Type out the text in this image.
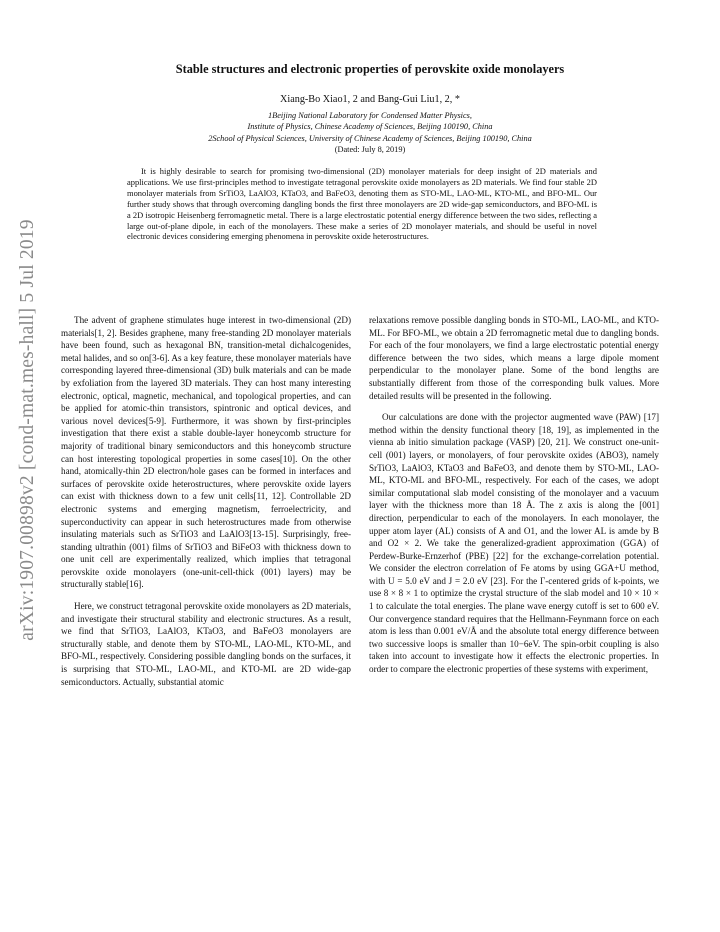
arXiv:1907.00898v2 [cond-mat.mes-hall] 5 Jul 2019
Stable structures and electronic properties of perovskite oxide monolayers
Xiang-Bo Xiao1, 2 and Bang-Gui Liu1, 2, *
1Beijing National Laboratory for Condensed Matter Physics,
Institute of Physics, Chinese Academy of Sciences, Beijing 100190, China
2School of Physical Sciences, University of Chinese Academy of Sciences, Beijing 100190, China
(Dated: July 8, 2019)
It is highly desirable to search for promising two-dimensional (2D) monolayer materials for deep insight of 2D materials and applications. We use first-principles method to investigate tetragonal perovskite oxide monolayers as 2D materials. We find four stable 2D monolayer materials from SrTiO3, LaAlO3, KTaO3, and BaFeO3, denoting them as STO-ML, LAO-ML, KTO-ML, and BFO-ML. Our further study shows that through overcoming dangling bonds the first three monolayers are 2D wide-gap semiconductors, and BFO-ML is a 2D isotropic Heisenberg ferromagnetic metal. There is a large electrostatic potential energy difference between the two sides, reflecting a large out-of-plane dipole, in each of the monolayers. These make a series of 2D monolayer materials, and should be useful in novel electronic devices considering emerging phenomena in perovskite oxide heterostructures.

The advent of graphene stimulates huge interest in two-dimensional (2D) materials[1, 2]. Besides graphene, many free-standing 2D monolayer materials have been found, such as hexagonal BN, transition-metal dichalcogenides, metal halides, and so on[3-6]. As a key feature, these monolayer materials have corresponding layered three-dimensional (3D) bulk materials and can be made by exfoliation from the layered 3D materials. They can host many interesting electronic, optical, magnetic, mechanical, and topological properties, and can be applied for atomic-thin transistors, spintronic and optical devices, and various novel devices[5-9]. Furthermore, it was shown by first-principles investigation that there exist a stable double-layer honeycomb structure for majority of traditional binary semiconductors and this honeycomb structure can host interesting topological properties in some cases[10]. On the other hand, atomically-thin 2D electron/hole gases can be formed in interfaces and surfaces of perovskite oxide heterostructures, where perovskite oxide layers can exist with thickness down to a few unit cells[11, 12]. Controllable 2D electronic systems and emerging magnetism, ferroelectricity, and superconductivity can appear in such heterostructures made from otherwise insulating materials such as SrTiO3 and LaAlO3[13-15]. Surprisingly, free-standing ultrathin (001) films of SrTiO3 and BiFeO3 with thickness down to one unit cell are experimentally realized, which implies that tetragonal perovskite oxide monolayers (one-unit-cell-thick (001) layers) may be structurally stable[16].

Here, we construct tetragonal perovskite oxide monolayers as 2D materials, and investigate their structural stability and electronic structures. As a result, we find that SrTiO3, LaAlO3, KTaO3, and BaFeO3 monolayers are structurally stable, and denote them by STO-ML, LAO-ML, KTO-ML, and BFO-ML, respectively. Considering possible dangling bonds on the surfaces, it is surprising that STO-ML, LAO-ML, and KTO-ML are 2D wide-gap semiconductors. Actually, substantial atomic

relaxations remove possible dangling bonds in STO-ML, LAO-ML, and KTO-ML. For BFO-ML, we obtain a 2D ferromagnetic metal due to dangling bonds. For each of the four monolayers, we find a large electrostatic potential energy difference between the two sides, which means a large dipole moment perpendicular to the monolayer plane. Some of the bond lengths are substantially different from those of the corresponding bulk values. More detailed results will be presented in the following.

Our calculations are done with the projector augmented wave (PAW) [17] method within the density functional theory [18, 19], as implemented in the vienna ab initio simulation package (VASP) [20, 21]. We construct one-unit-cell (001) layers, or monolayers, of four perovskite oxides (ABO3), namely SrTiO3, LaAlO3, KTaO3 and BaFeO3, and denote them by STO-ML, LAO-ML, KTO-ML and BFO-ML, respectively. For each of the cases, we adopt similar computational slab model consisting of the monolayer and a vacuum layer with the thickness more than 18 Å. The z axis is along the [001] direction, perpendicular to each of the monolayers. In each monolayer, the upper atom layer (AL) consists of A and O1, and the lower AL is amde by B and O2 × 2. We take the generalized-gradient approximation (GGA) of Perdew-Burke-Ernzerhof (PBE) [22] for the exchange-correlation potential. We consider the electron correlation of Fe atoms by using GGA+U method, with U = 5.0 eV and J = 2.0 eV [23]. For the Γ-centered grids of k-points, we use 8 × 8 × 1 to optimize the crystal structure of the slab model and 10 × 10 × 1 to calculate the total energies. The plane wave energy cutoff is set to 600 eV. Our convergence standard requires that the Hellmann-Feynmann force on each atom is less than 0.001 eV/Å and the absolute total energy difference between two successive loops is smaller than 10−6eV. The spin-orbit coupling is also taken into account to investigate how it effects the electronic properties. In order to compare the electronic properties of these systems with experiment,
